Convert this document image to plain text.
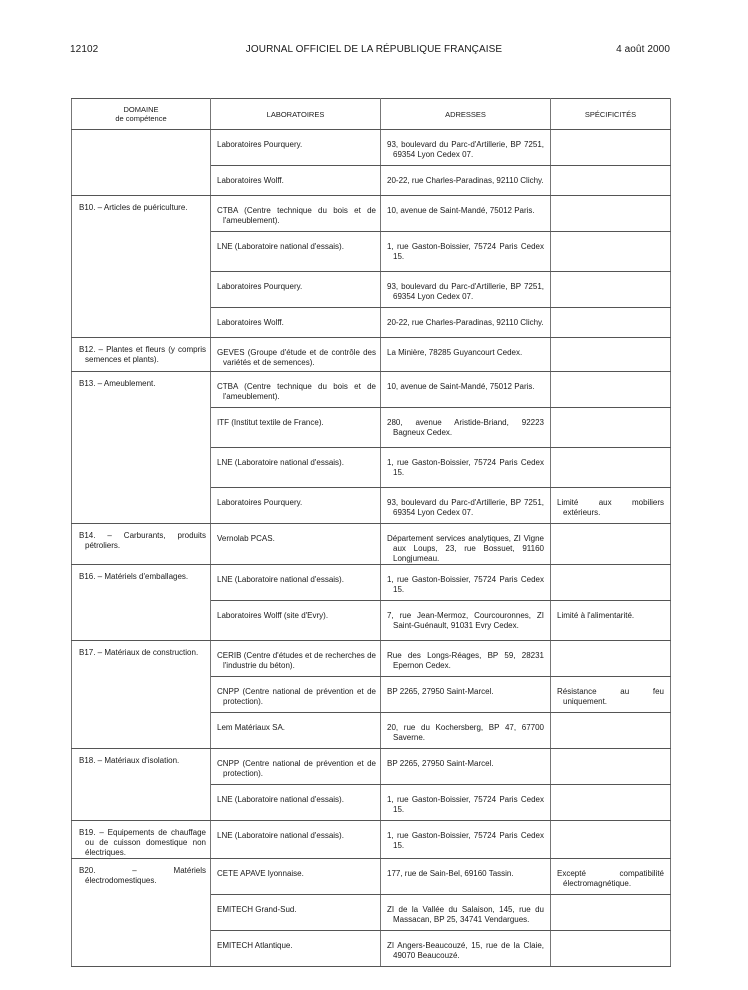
12102	JOURNAL OFFICIEL DE LA RÉPUBLIQUE FRANÇAISE	4 août 2000
DOMAINE
de compétence	LABORATOIRES	ADRESSES	SPÉCIFICITÉS

	Laboratoires Pourquery.	93, boulevard du Parc-d'Artillerie, BP 7251, 69354 Lyon Cedex 07.	

	Laboratoires Wolff.	20-22, rue Charles-Paradinas, 92110 Clichy.	

B10. – Articles de puériculture.	CTBA (Centre technique du bois et de l'ameublement).	10, avenue de Saint-Mandé, 75012 Paris.	

	LNE (Laboratoire national d'essais).	1, rue Gaston-Boissier, 75724 Paris Cedex 15.	

	Laboratoires Pourquery.	93, boulevard du Parc-d'Artillerie, BP 7251, 69354 Lyon Cedex 07.	

	Laboratoires Wolff.	20-22, rue Charles-Paradinas, 92110 Clichy.	

B12. – Plantes et fleurs (y compris semences et plants).	GEVES (Groupe d'étude et de contrôle des variétés et de semences).	La Minière, 78285 Guyancourt Cedex.	

B13. – Ameublement.	CTBA (Centre technique du bois et de l'ameublement).	10, avenue de Saint-Mandé, 75012 Paris.	

	ITF (Institut textile de France).	280, avenue Aristide-Briand, 92223 Bagneux Cedex.	

	LNE (Laboratoire national d'essais).	1, rue Gaston-Boissier, 75724 Paris Cedex 15.	

	Laboratoires Pourquery.	93, boulevard du Parc-d'Artillerie, BP 7251, 69354 Lyon Cedex 07.	Limité aux mobiliers extérieurs.

B14. – Carburants, produits pétroliers.	Vernolab PCAS.	Département services analytiques, ZI Vigne aux Loups, 23, rue Bossuet, 91160 Longjumeau.	

B16. – Matériels d'emballages.	LNE (Laboratoire national d'essais).	1, rue Gaston-Boissier, 75724 Paris Cedex 15.	

	Laboratoires Wolff (site d'Evry).	7, rue Jean-Mermoz, Courcouronnes, ZI Saint-Guénault, 91031 Evry Cedex.	Limité à l'alimentarité.

B17. – Matériaux de construction.	CERIB (Centre d'études et de recherches de l'industrie du béton).	Rue des Longs-Réages, BP 59, 28231 Epernon Cedex.	

	CNPP (Centre national de prévention et de protection).	BP 2265, 27950 Saint-Marcel.	Résistance au feu uniquement.

	Lem Matériaux SA.	20, rue du Kochersberg, BP 47, 67700 Saverne.	

B18. – Matériaux d'isolation.	CNPP (Centre national de prévention et de protection).	BP 2265, 27950 Saint-Marcel.	

	LNE (Laboratoire national d'essais).	1, rue Gaston-Boissier, 75724 Paris Cedex 15.	

B19. – Equipements de chauffage ou de cuisson domestique non électriques.	LNE (Laboratoire national d'essais).	1, rue Gaston-Boissier, 75724 Paris Cedex 15.	

B20. – Matériels électrodomestiques.	CETE APAVE lyonnaise.	177, rue de Sain-Bel, 69160 Tassin.	Excepté compatibilité électromagnétique.

	EMITECH Grand-Sud.	ZI de la Vallée du Salaison, 145, rue du Massacan, BP 25, 34741 Vendargues.	

	EMITECH Atlantique.	ZI Angers-Beaucouzé, 15, rue de la Claie, 49070 Beaucouzé.	
